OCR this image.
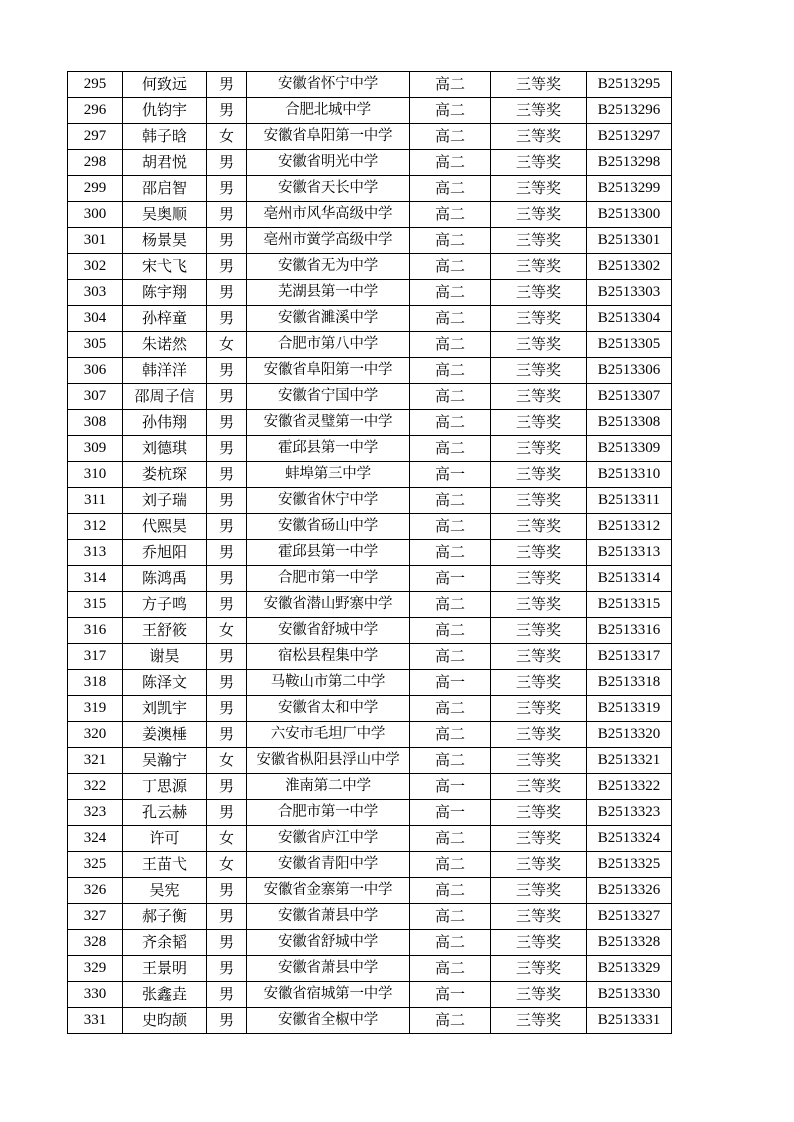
295	何致远	男	安徽省怀宁中学	高二	三等奖	B2513295
296	仇钧宇	男	合肥北城中学	高二	三等奖	B2513296
297	韩子晗	女	安徽省阜阳第一中学	高二	三等奖	B2513297
298	胡君悦	男	安徽省明光中学	高二	三等奖	B2513298
299	邵启智	男	安徽省天长中学	高二	三等奖	B2513299
300	吴奥顺	男	亳州市风华高级中学	高二	三等奖	B2513300
301	杨景昊	男	亳州市黉学高级中学	高二	三等奖	B2513301
302	宋弋飞	男	安徽省无为中学	高二	三等奖	B2513302
303	陈宇翔	男	芜湖县第一中学	高二	三等奖	B2513303
304	孙梓童	男	安徽省濉溪中学	高二	三等奖	B2513304
305	朱诺然	女	合肥市第八中学	高二	三等奖	B2513305
306	韩洋洋	男	安徽省阜阳第一中学	高二	三等奖	B2513306
307	邵周子信	男	安徽省宁国中学	高二	三等奖	B2513307
308	孙伟翔	男	安徽省灵璧第一中学	高二	三等奖	B2513308
309	刘德琪	男	霍邱县第一中学	高二	三等奖	B2513309
310	娄杭琛	男	蚌埠第三中学	高一	三等奖	B2513310
311	刘子瑞	男	安徽省休宁中学	高二	三等奖	B2513311
312	代熙昊	男	安徽省砀山中学	高二	三等奖	B2513312
313	乔旭阳	男	霍邱县第一中学	高二	三等奖	B2513313
314	陈鸿禹	男	合肥市第一中学	高一	三等奖	B2513314
315	方子鸣	男	安徽省潜山野寨中学	高二	三等奖	B2513315
316	王舒筱	女	安徽省舒城中学	高二	三等奖	B2513316
317	谢昊	男	宿松县程集中学	高二	三等奖	B2513317
318	陈泽文	男	马鞍山市第二中学	高一	三等奖	B2513318
319	刘凯宇	男	安徽省太和中学	高二	三等奖	B2513319
320	姜澳棰	男	六安市毛坦厂中学	高二	三等奖	B2513320
321	吴瀚宁	女	安徽省枞阳县浮山中学	高二	三等奖	B2513321
322	丁思源	男	淮南第二中学	高一	三等奖	B2513322
323	孔云赫	男	合肥市第一中学	高一	三等奖	B2513323
324	许可	女	安徽省庐江中学	高二	三等奖	B2513324
325	王苗弋	女	安徽省青阳中学	高二	三等奖	B2513325
326	吴宪	男	安徽省金寨第一中学	高二	三等奖	B2513326
327	郝子衡	男	安徽省萧县中学	高二	三等奖	B2513327
328	齐余韬	男	安徽省舒城中学	高二	三等奖	B2513328
329	王景明	男	安徽省萧县中学	高二	三等奖	B2513329
330	张鑫垚	男	安徽省宿城第一中学	高一	三等奖	B2513330
331	史昀颉	男	安徽省全椒中学	高二	三等奖	B2513331
